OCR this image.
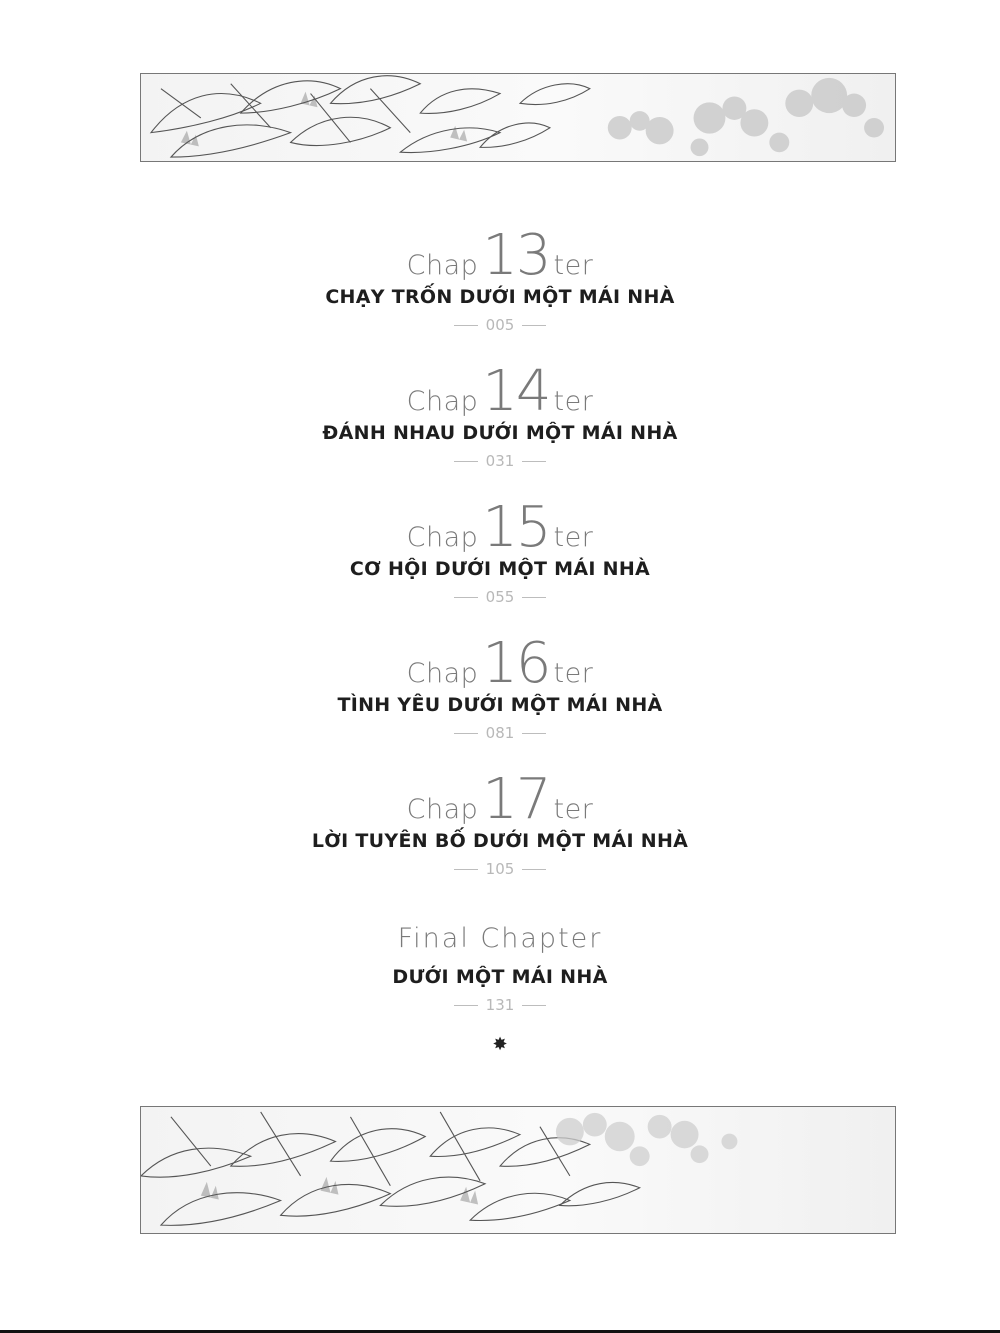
Chap13 ter
CHẠY TRỐN DƯỚI MỘT MÁI NHÀ
005
Chap14 ter
ĐÁNH NHAU DƯỚI MỘT MÁI NHÀ
031
Chap15 ter
CƠ HỘI DƯỚI MỘT MÁI NHÀ
055
Chap16 ter
TÌNH YÊU DƯỚI MỘT MÁI NHÀ
081
Chap17 ter
LỜI TUYÊN BỐ DƯỚI MỘT MÁI NHÀ
105
Final Chapter
DƯỚI MỘT MÁI NHÀ
131
✸
